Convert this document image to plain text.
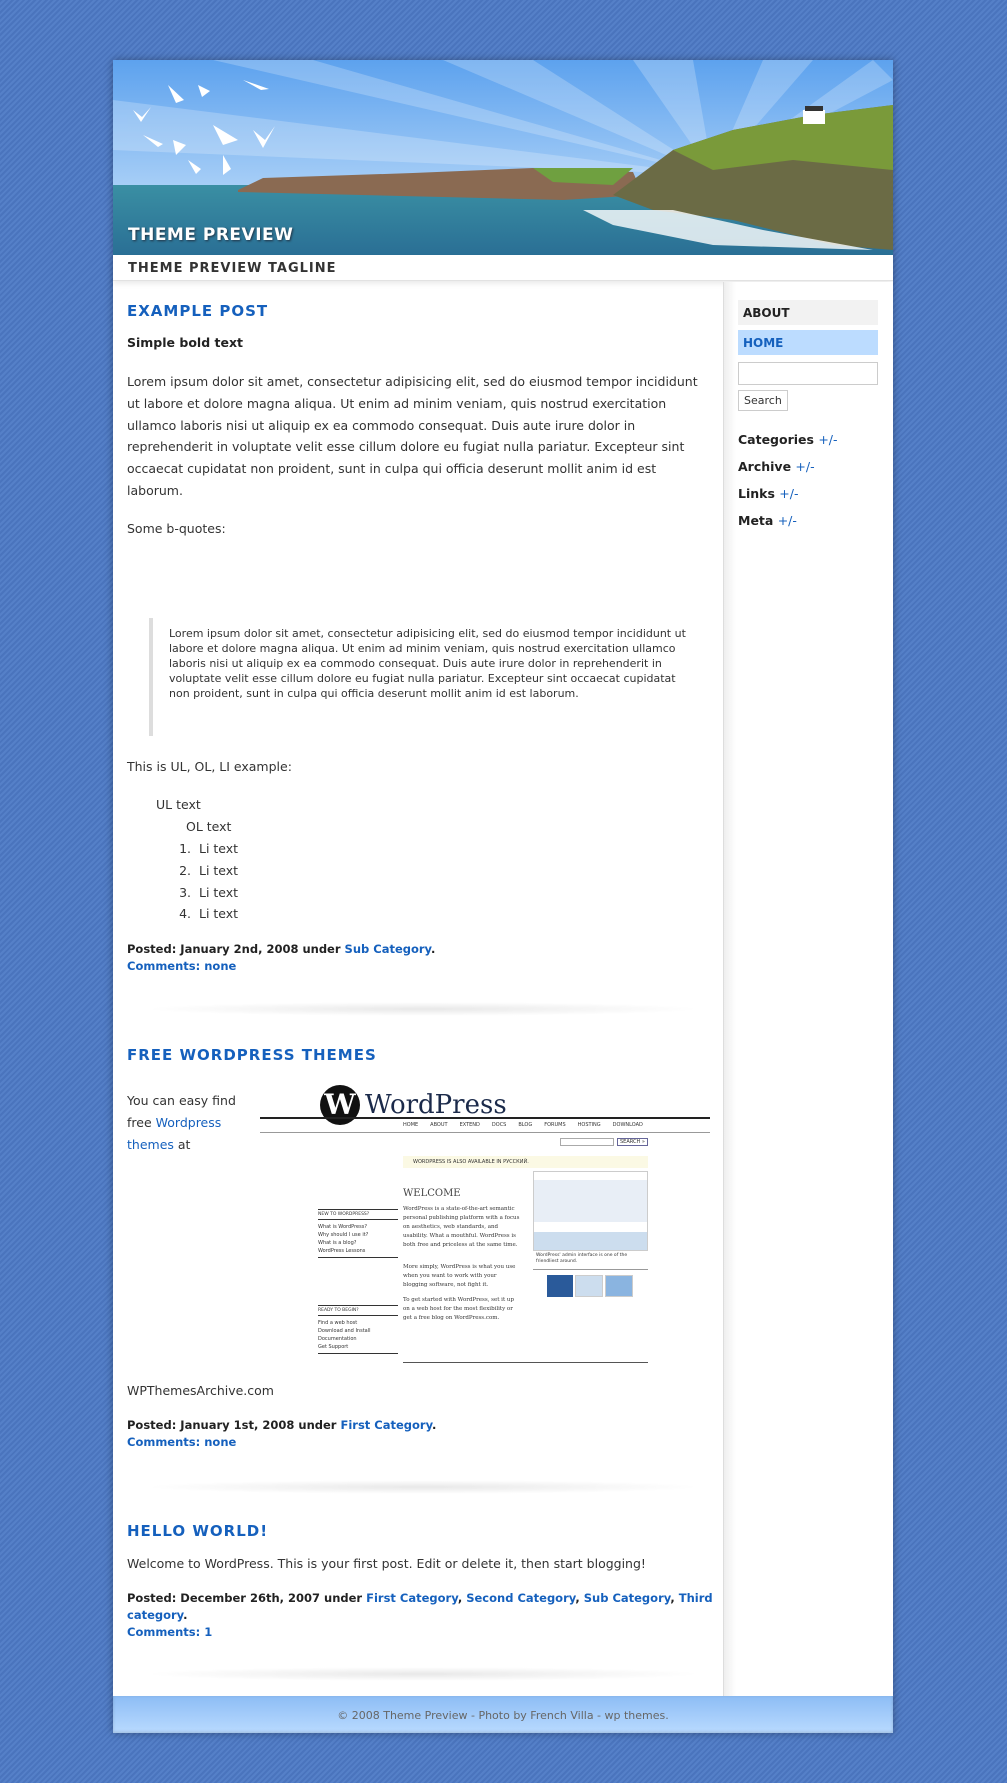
THEME PREVIEW
THEME PREVIEW TAGLINE
EXAMPLE POST
Simple bold text
Lorem ipsum dolor sit amet, consectetur adipisicing elit, sed do eiusmod tempor incididunt ut labore et dolore magna aliqua. Ut enim ad minim veniam, quis nostrud exercitation ullamco laboris nisi ut aliquip ex ea commodo consequat. Duis aute irure dolor in reprehenderit in voluptate velit esse cillum dolore eu fugiat nulla pariatur. Excepteur sint occaecat cupidatat non proident, sunt in culpa qui officia deserunt mollit anim id est laborum.
Some b-quotes:
Lorem ipsum dolor sit amet, consectetur adipisicing elit, sed do eiusmod tempor incididunt ut labore et dolore magna aliqua. Ut enim ad minim veniam, quis nostrud exercitation ullamco laboris nisi ut aliquip ex ea commodo consequat. Duis aute irure dolor in reprehenderit in voluptate velit esse cillum dolore eu fugiat nulla pariatur. Excepteur sint occaecat cupidatat non proident, sunt in culpa qui officia deserunt mollit anim id est laborum.
This is UL, OL, LI example:
UL text
OL text
1. Li text
2. Li text
3. Li text
4. Li text
Posted: January 2nd, 2008 under Sub Category.
Comments: none
FREE WORDPRESS THEMES
You can easy find free Wordpress themes at
W WordPress
HOME ABOUT EXTEND DOCS BLOG FORUMS HOSTING DOWNLOAD
SEARCH »
WORDPRESS IS ALSO AVAILABLE IN РУССКИЙ.
WELCOME
WordPress is a state-of-the-art semantic personal publishing platform with a focus on aesthetics, web standards, and usability. What a mouthful. WordPress is both free and priceless at the same time.
More simply, WordPress is what you use when you want to work with your blogging software, not fight it.
To get started with WordPress, set it up on a web host for the most flexibility or get a free blog on WordPress.com.
NEW TO WORDPRESS?
What is WordPress?
Why should I use it?
What is a blog?
WordPress Lessons
READY TO BEGIN?
Find a web host
Download and Install
Documentation
Get Support
WordPress' admin interface is one of the friendliest around.
WPThemesArchive.com
Posted: January 1st, 2008 under First Category.
Comments: none
HELLO WORLD!
Welcome to WordPress. This is your first post. Edit or delete it, then start blogging!
Posted: December 26th, 2007 under First Category, Second Category, Sub Category, Third category.
Comments: 1
ABOUT
HOME
Search
Categories +/-
Archive +/-
Links +/-
Meta +/-
© 2008 Theme Preview - Photo by French Villa - wp themes.
